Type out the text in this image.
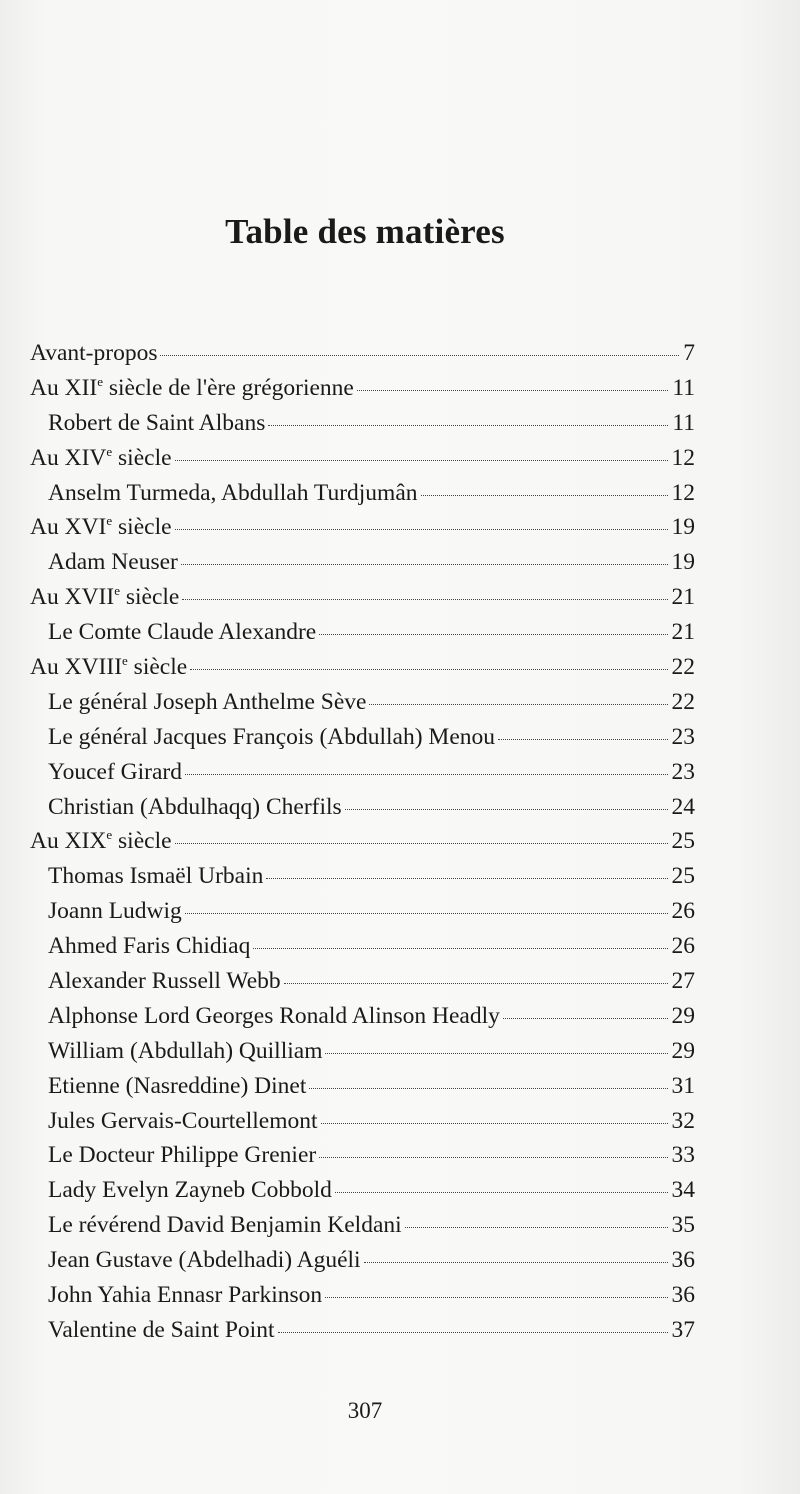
Table des matières
Avant-propos	7
Au XIIe siècle de l'ère grégorienne	11
Robert de Saint Albans	11
Au XIVe siècle	12
Anselm Turmeda, Abdullah Turdjumân	12
Au XVIe siècle	19
Adam Neuser	19
Au XVIIe siècle	21
Le Comte Claude Alexandre	21
Au XVIIIe siècle	22
Le général Joseph Anthelme Sève	22
Le général Jacques François (Abdullah) Menou	23
Youcef Girard	23
Christian (Abdulhaqq) Cherfils	24
Au XIXe siècle	25
Thomas Ismaël Urbain	25
Joann Ludwig	26
Ahmed Faris Chidiaq	26
Alexander Russell Webb	27
Alphonse Lord Georges Ronald Alinson Headly	29
William (Abdullah) Quilliam	29
Etienne (Nasreddine) Dinet	31
Jules Gervais-Courtellemont	32
Le Docteur Philippe Grenier	33
Lady Evelyn Zayneb Cobbold	34
Le révérend David Benjamin Keldani	35
Jean Gustave (Abdelhadi) Aguéli	36
John Yahia Ennasr Parkinson	36
Valentine de Saint Point	37
307
